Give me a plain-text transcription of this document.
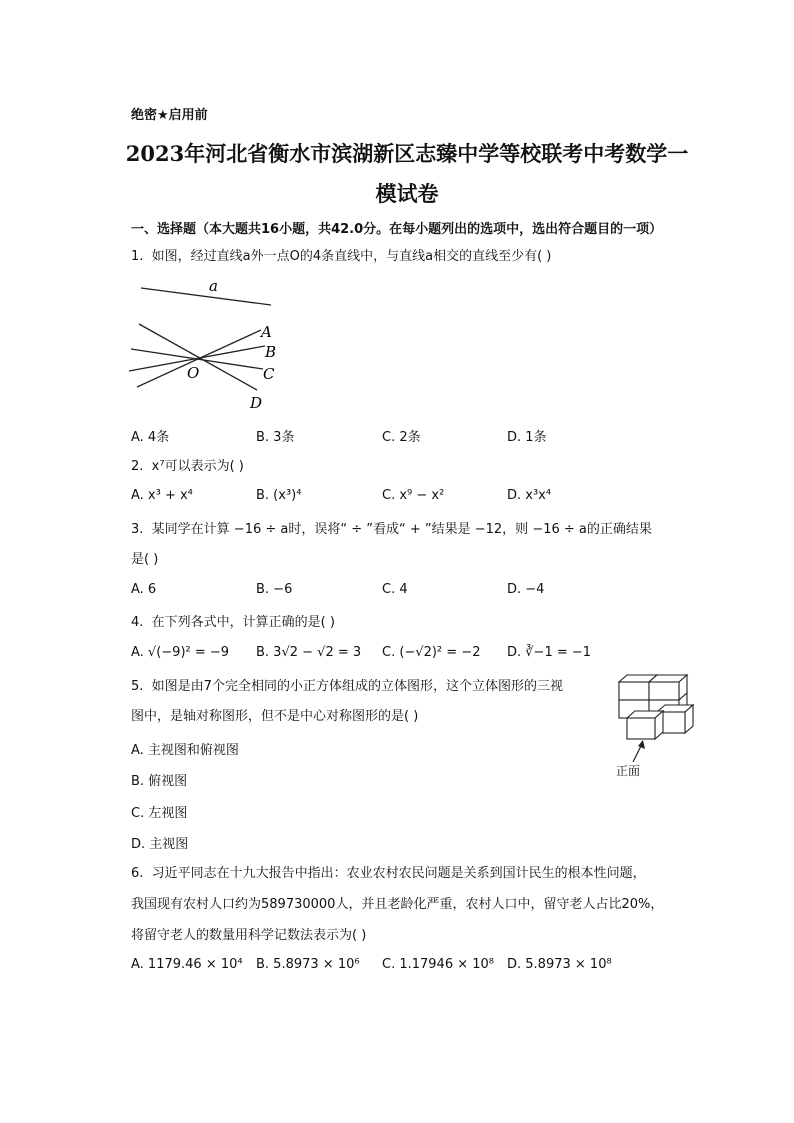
绝密★启用前
2023年河北省衡水市滨湖新区志臻中学等校联考中考数学一
模试卷
一、选择题（本大题共16小题，共42.0分。在每小题列出的选项中，选出符合题目的一项）
1. 如图，经过直线a外一点O的4条直线中，与直线a相交的直线至少有( )
a
O
A
B
C
D
A. 4条	B. 3条	C. 2条	D. 1条
2. x⁷可以表示为( )
A. x³ + x⁴	B. (x³)⁴	C. x⁹ − x²	D. x³x⁴
3. 某同学在计算 −16 ÷ a时，误将“ ÷ ”看成“ + ”结果是 −12，则 −16 ÷ a的正确结果
是( )
A. 6	B. −6	C. 4	D. −4
4. 在下列各式中，计算正确的是( )
A. √(−9)² = −9 B. 3√2 − √2 = 3 C. (−√2)² = −2 D. ∛−1 = −1
5. 如图是由7个完全相同的小正方体组成的立体图形，这个立体图形的三视
图中，是轴对称图形，但不是中心对称图形的是( )
正面
A. 主视图和俯视图
B. 俯视图
C. 左视图
D. 主视图
6. 习近平同志在十九大报告中指出：农业农村农民问题是关系到国计民生的根本性问题，
我国现有农村人口约为589730000人，并且老龄化严重，农村人口中，留守老人占比20%，
将留守老人的数量用科学记数法表示为( )
A. 1179.46 × 10⁴ B. 5.8973 × 10⁶ C. 1.17946 × 10⁸ D. 5.8973 × 10⁸
